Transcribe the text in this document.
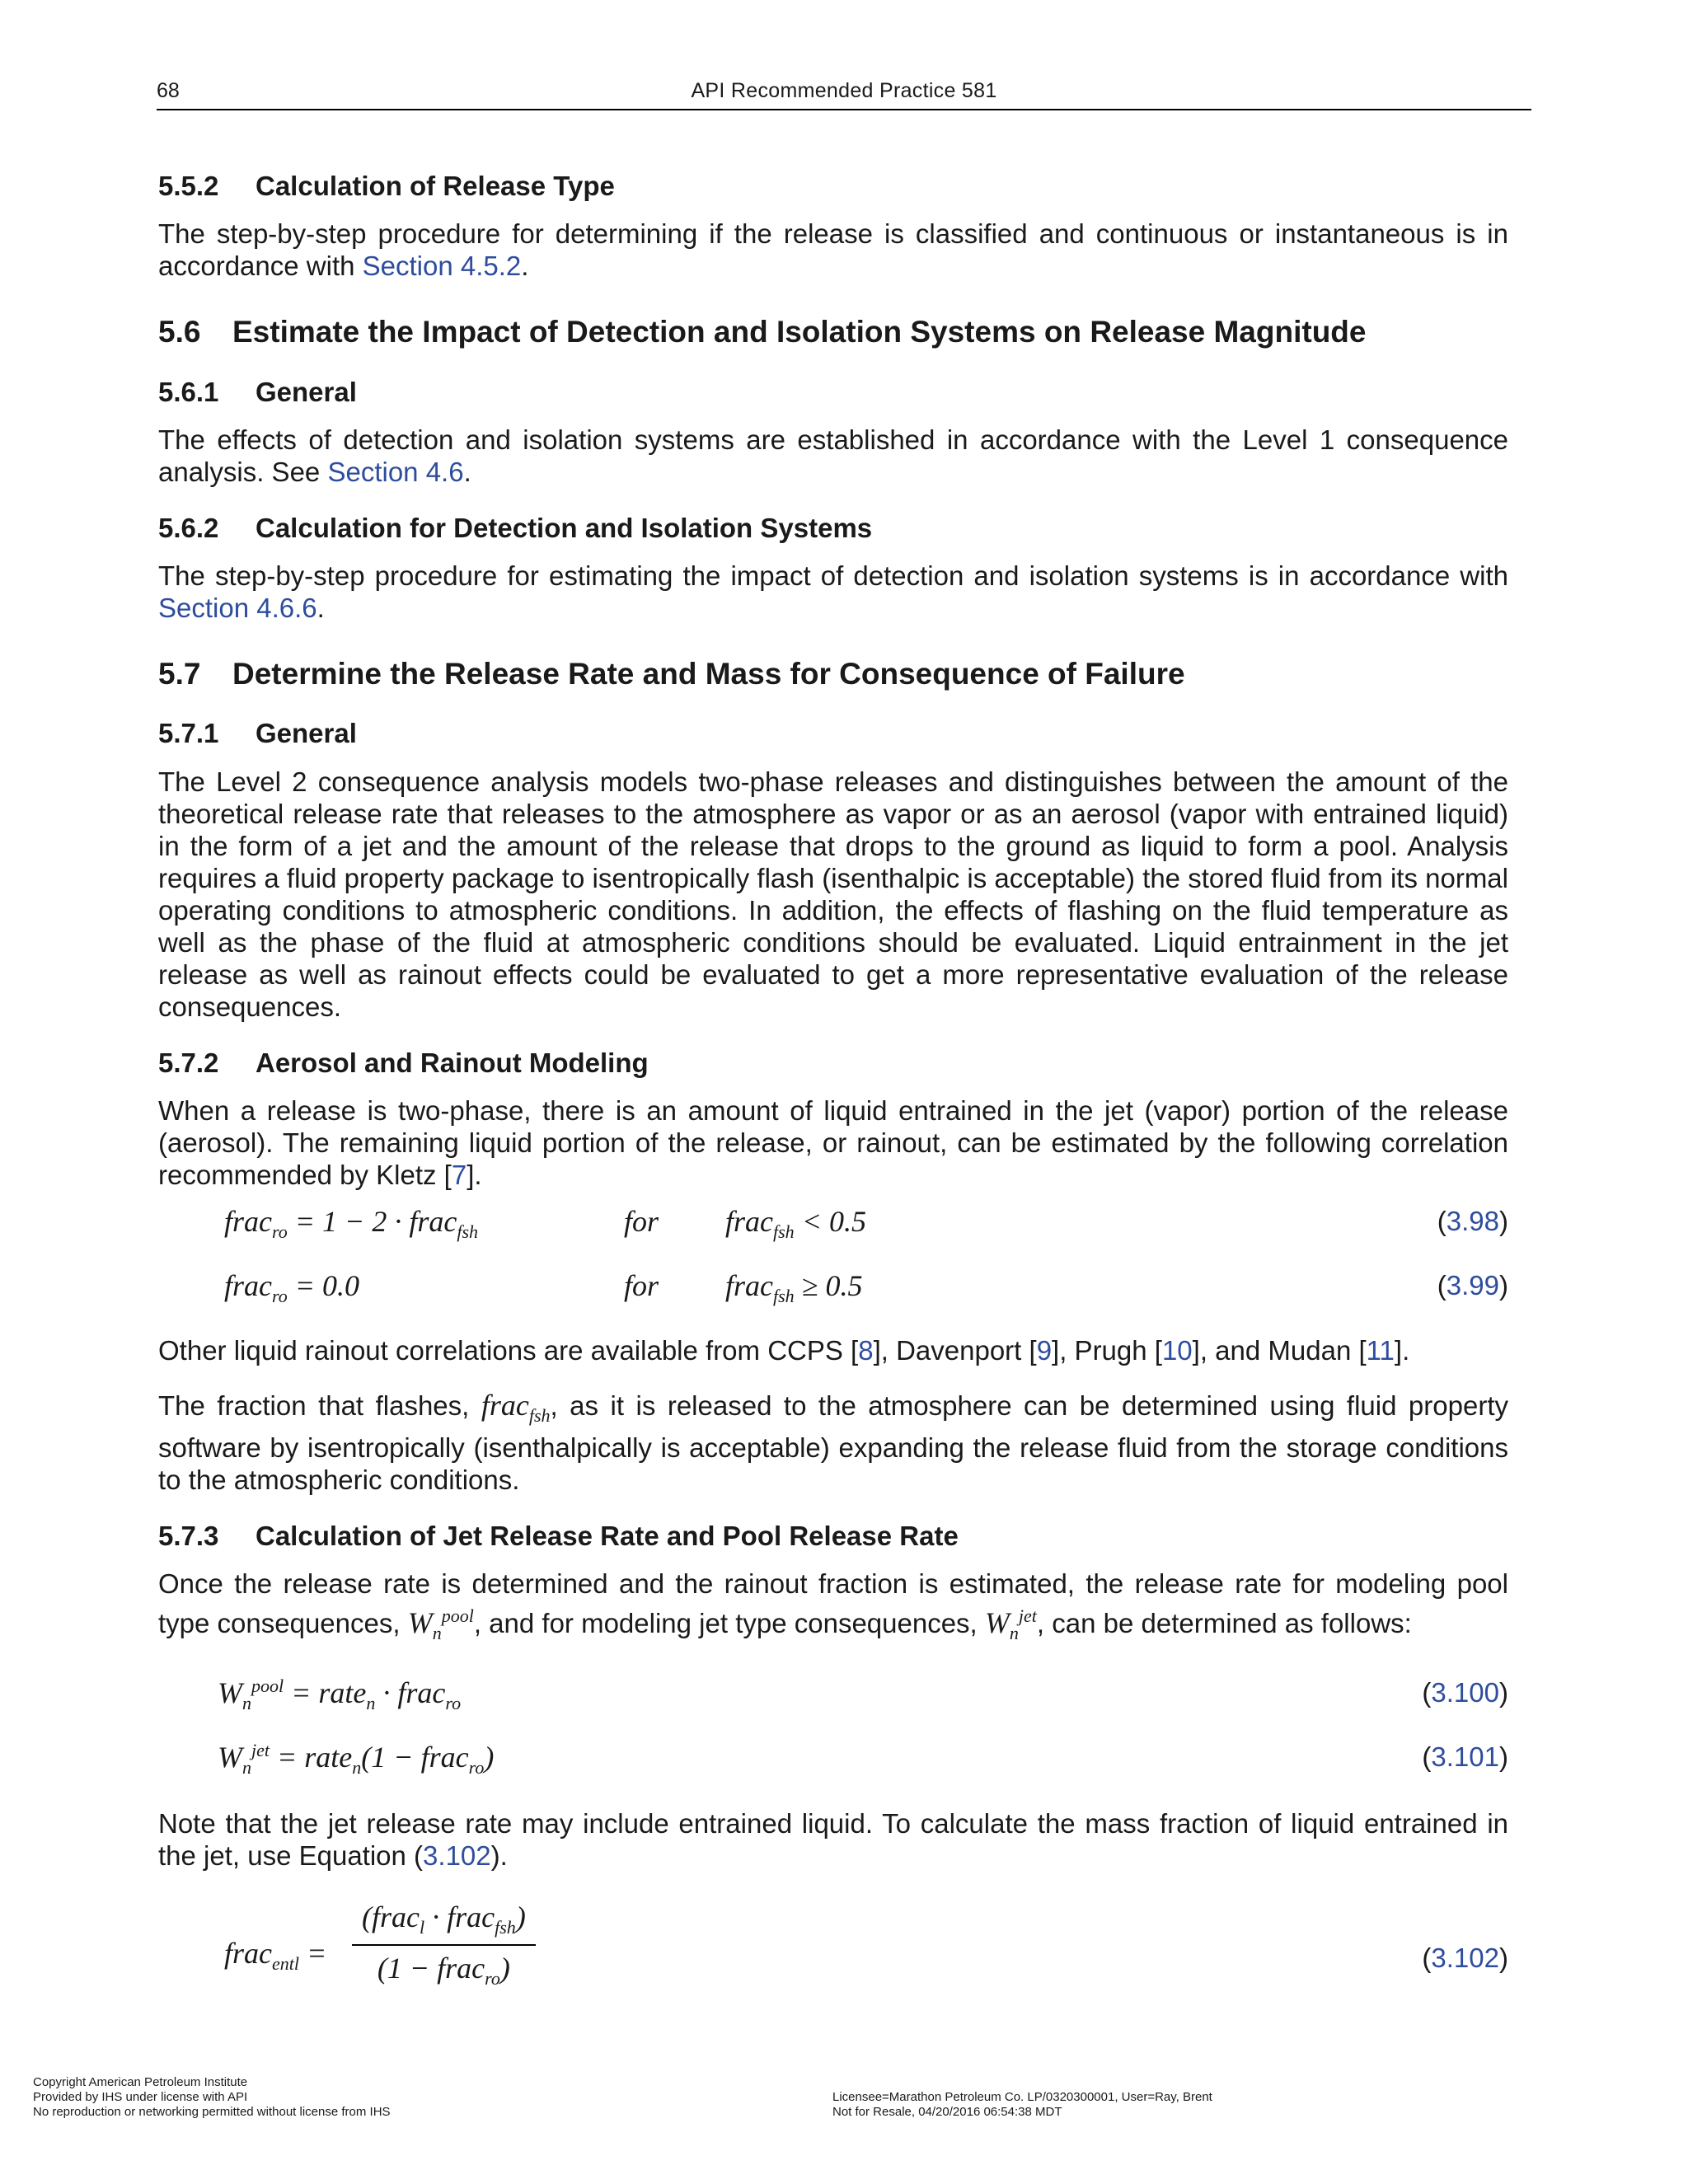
68	API Recommended Practice 581
5.5.2 Calculation of Release Type

The step-by-step procedure for determining if the release is classified and continuous or instantaneous is in accordance with Section 4.5.2.

5.6 Estimate the Impact of Detection and Isolation Systems on Release Magnitude
5.6.1 General

The effects of detection and isolation systems are established in accordance with the Level 1 consequence analysis. See Section 4.6.

5.6.2 Calculation for Detection and Isolation Systems

The step-by-step procedure for estimating the impact of detection and isolation systems is in accordance with Section 4.6.6.

5.7 Determine the Release Rate and Mass for Consequence of Failure
5.7.1 General

The Level 2 consequence analysis models two-phase releases and distinguishes between the amount of the theoretical release rate that releases to the atmosphere as vapor or as an aerosol (vapor with entrained liquid) in the form of a jet and the amount of the release that drops to the ground as liquid to form a pool. Analysis requires a fluid property package to isentropically flash (isenthalpic is acceptable) the stored fluid from its normal operating conditions to atmospheric conditions. In addition, the effects of flashing on the fluid temperature as well as the phase of the fluid at atmospheric conditions should be evaluated. Liquid entrainment in the jet release as well as rainout effects could be evaluated to get a more representative evaluation of the release consequences.

5.7.2 Aerosol and Rainout Modeling

When a release is two-phase, there is an amount of liquid entrained in the jet (vapor) portion of the release (aerosol). The remaining liquid portion of the release, or rainout, can be estimated by the following correlation recommended by Kletz [7].

frac$_{ro}$ = 1 − 2 · frac$_{fsh}$	for frac$_{fsh}$ < 0.5	(3.98)
frac$_{ro}$ = 0.0	for frac$_{fsh}$ ≥ 0.5	(3.99)

Other liquid rainout correlations are available from CCPS [8], Davenport [9], Prugh [10], and Mudan [11].

The fraction that flashes, frac$_{fsh}$, as it is released to the atmosphere can be determined using fluid property software by isentropically (isenthalpically is acceptable) expanding the release fluid from the storage conditions to the atmospheric conditions.

5.7.3 Calculation of Jet Release Rate and Pool Release Rate

Once the release rate is determined and the rainout fraction is estimated, the release rate for modeling pool type consequences, $W_n^{pool}$, and for modeling jet type consequences, $W_n^{jet}$, can be determined as follows:

$W_n^{pool}$ = rate$_n$ · frac$_{ro}$	(3.100)
$W_n^{jet}$ = rate$_n$(1 − frac$_{ro}$)	(3.101)

Note that the jet release rate may include entrained liquid. To calculate the mass fraction of liquid entrained in the jet, use Equation (3.102).

frac$_{entl}$ =
(frac$_l$ · frac$_{fsh}$)
(1 − frac$_{ro}$)	(3.102)
Copyright American Petroleum Institute
Provided by IHS under license with API
No reproduction or networking permitted without license from IHS
Licensee=Marathon Petroleum Co. LP/0320300001, User=Ray, Brent
Not for Resale, 04/20/2016 06:54:38 MDT
